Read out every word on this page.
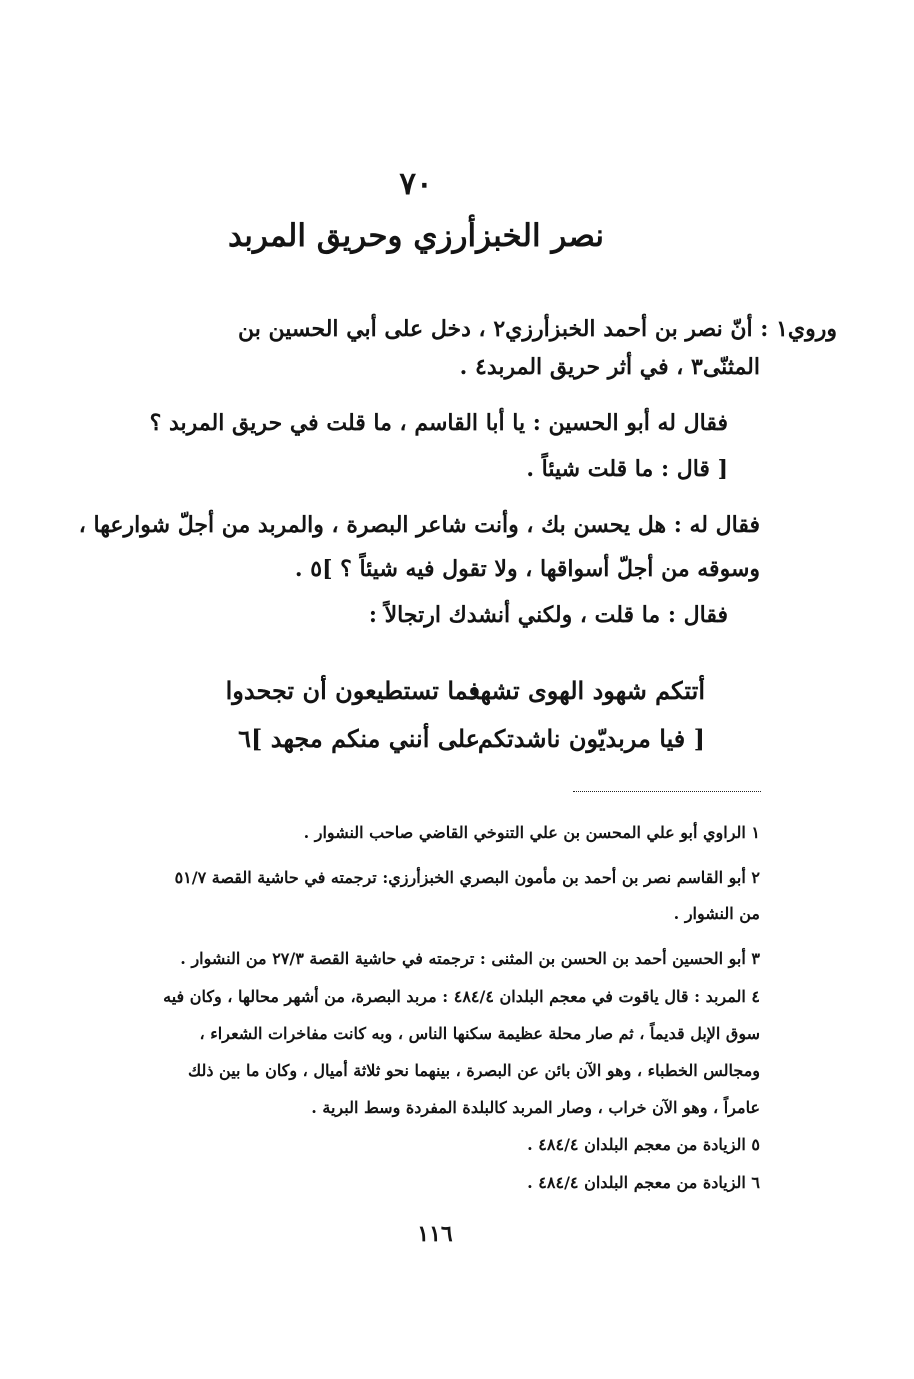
٧٠
نصر الخبزأرزي وحريق المربد
وروي١ : أنّ نصر بن أحمد الخبزأرزي٢ ، دخل على أبي الحسين بن
المثنّى٣ ، في أثر حريق المربد٤ .
فقال له أبو الحسين : يا أبا القاسم ، ما قلت في حريق المربد ؟
[ قال : ما قلت شيئاً .
فقال له : هل يحسن بك ، وأنت شاعر البصرة ، والمربد من أجلّ شوارعها ،
وسوقه من أجلّ أسواقها ، ولا تقول فيه شيئاً ؟ ]٥ .
فقال : ما قلت ، ولكني أنشدك ارتجالاً :
أتتكم شهود الهوى تشهد
فما تستطيعون أن تجحدوا
[ فيا مربديّون ناشدتكم
على أنني منكم مجهد ]٦
١ الراوي أبو علي المحسن بن علي التنوخي القاضي صاحب النشوار .
٢ أبو القاسم نصر بن أحمد بن مأمون البصري الخبزأرزي: ترجمته في حاشية القصة ٥١/٧
من النشوار .
٣ أبو الحسين أحمد بن الحسن بن المثنى : ترجمته في حاشية القصة ٢٧/٣ من النشوار .
٤ المربد : قال ياقوت في معجم البلدان ٤٨٤/٤ : مربد البصرة، من أشهر محالها ، وكان فيه
سوق الإبل قديماً ، ثم صار محلة عظيمة سكنها الناس ، وبه كانت مفاخرات الشعراء ،
ومجالس الخطباء ، وهو الآن بائن عن البصرة ، بينهما نحو ثلاثة أميال ، وكان ما بين ذلك
عامراً ، وهو الآن خراب ، وصار المربد كالبلدة المفردة وسط البرية .
٥ الزيادة من معجم البلدان ٤٨٤/٤ .
٦ الزيادة من معجم البلدان ٤٨٤/٤ .
١١٦
